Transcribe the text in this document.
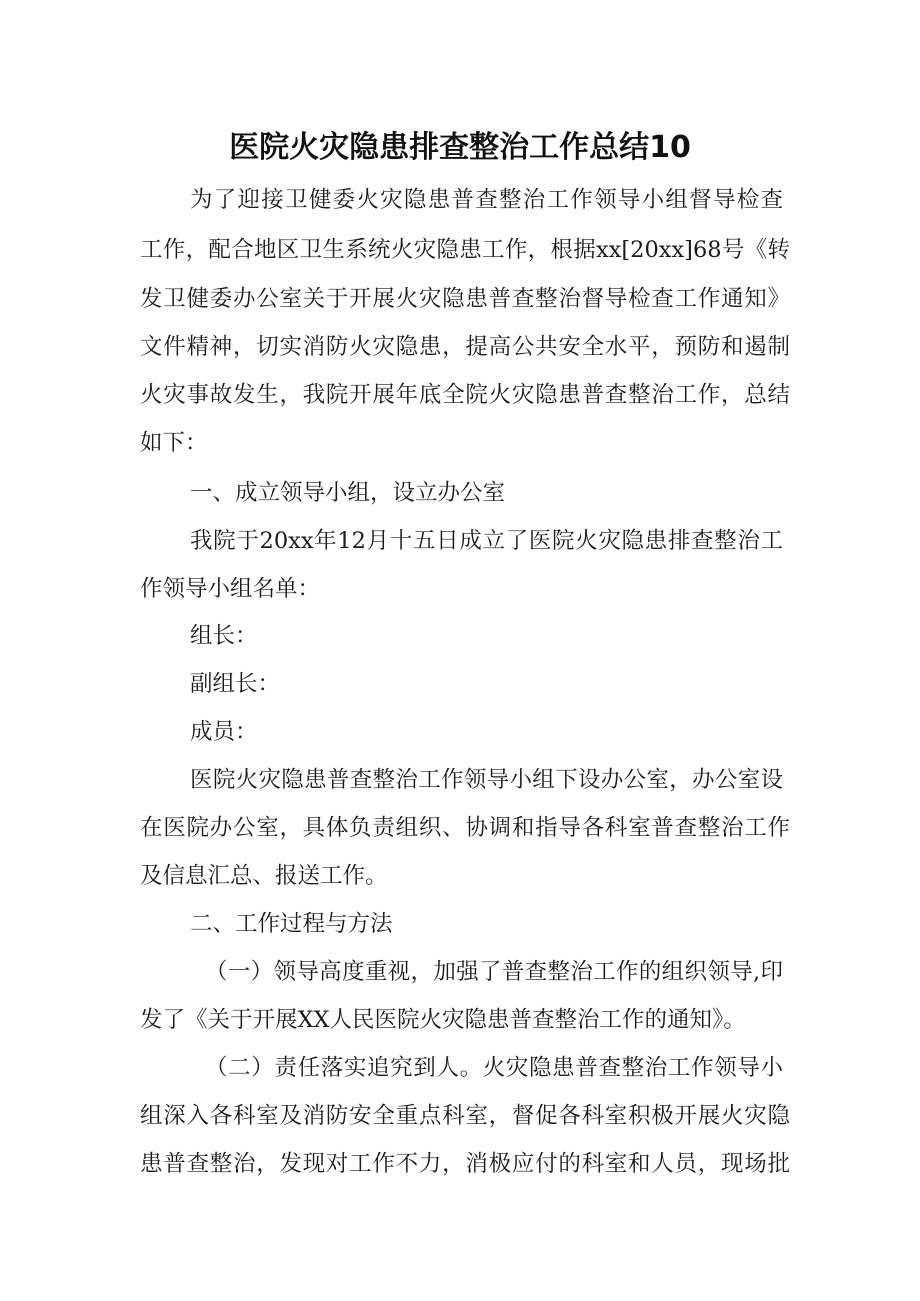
医院火灾隐患排查整治工作总结10
为了迎接卫健委火灾隐患普查整治工作领导小组督导检查
工作，配合地区卫生系统火灾隐患工作，根据xx[20xx]68号《转
发卫健委办公室关于开展火灾隐患普查整治督导检查工作通知》
文件精神，切实消防火灾隐患，提高公共安全水平，预防和遏制
火灾事故发生，我院开展年底全院火灾隐患普查整治工作，总结
如下：
一、成立领导小组，设立办公室
我院于20xx年12月十五日成立了医院火灾隐患排查整治工
作领导小组名单：
组长：
副组长：
成员：
医院火灾隐患普查整治工作领导小组下设办公室，办公室设
在医院办公室，具体负责组织、协调和指导各科室普查整治工作
及信息汇总、报送工作。
二、工作过程与方法
（一）领导高度重视，加强了普查整治工作的组织领导,印
发了《关于开展XX人民医院火灾隐患普查整治工作的通知》。
（二）责任落实追究到人。火灾隐患普查整治工作领导小
组深入各科室及消防安全重点科室，督促各科室积极开展火灾隐
患普查整治，发现对工作不力，消极应付的科室和人员，现场批
